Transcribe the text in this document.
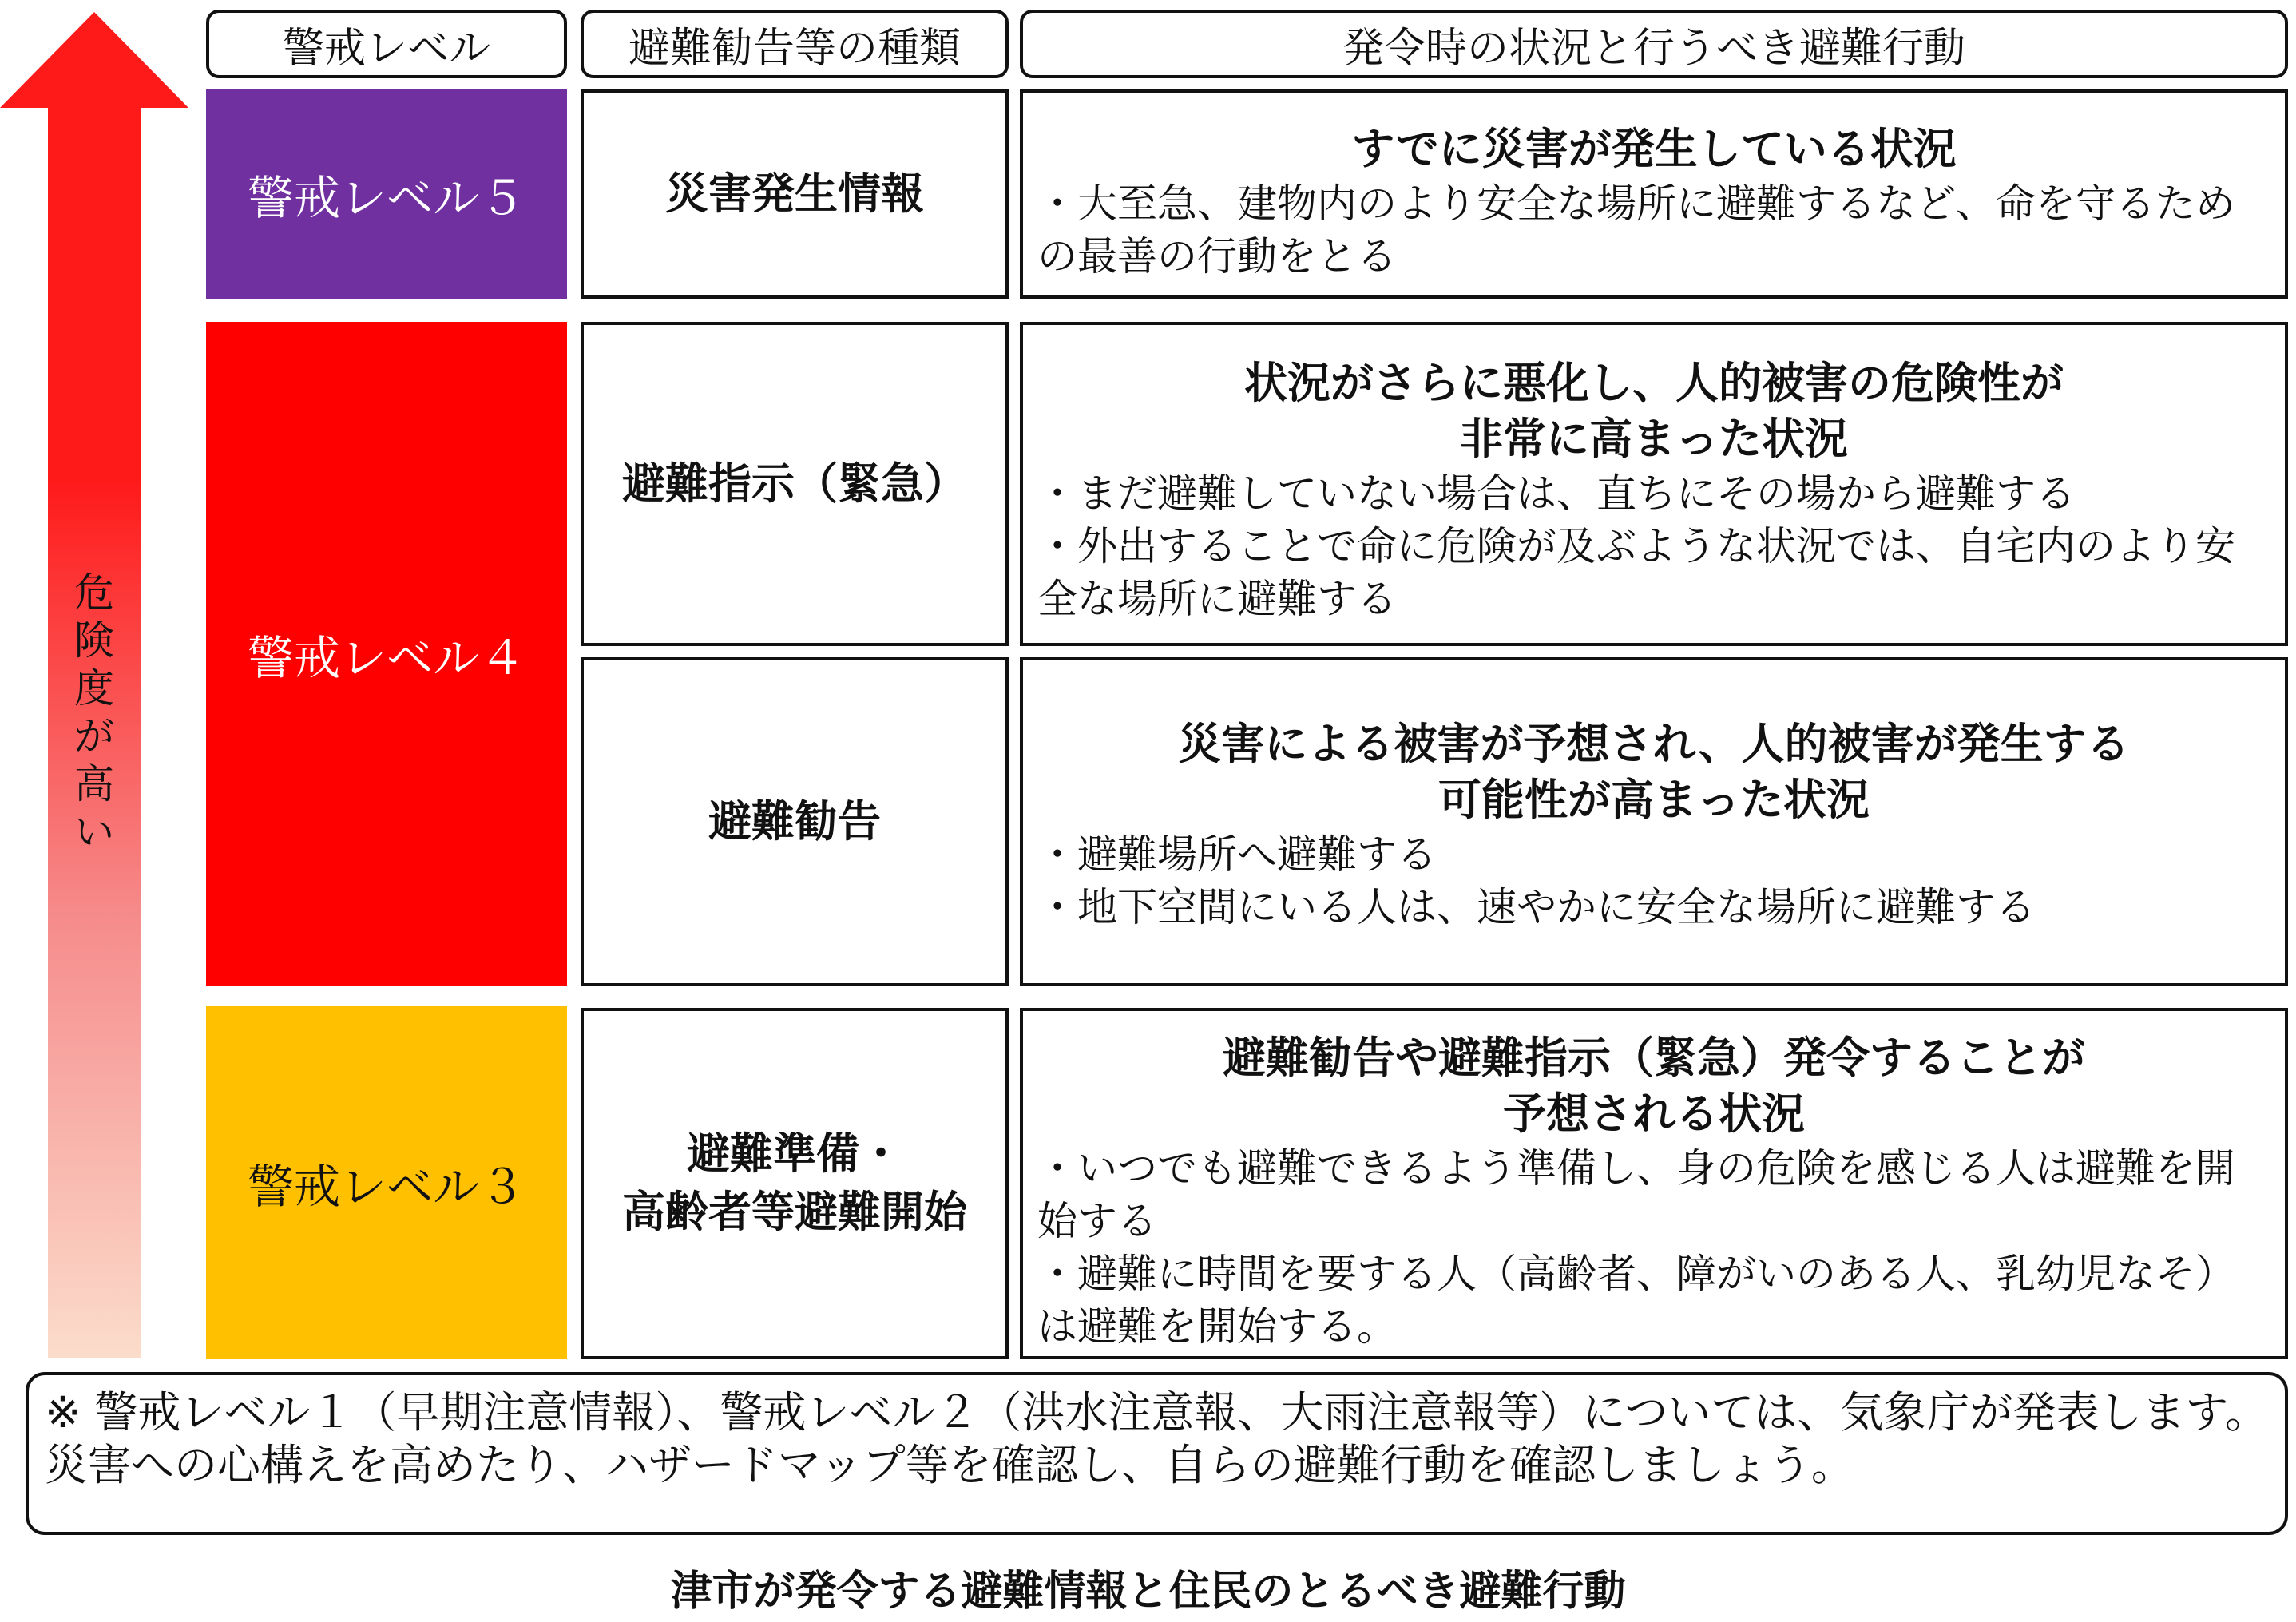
危
険
度
が
高
い
警戒レベル	避難勧告等の種類	発令時の状況と行うべき避難行動
警戒レベル５
警戒レベル４
警戒レベル３
災害発生情報
すでに災害が発生している状況
・大至急、建物内のより安全な場所に避難するなど、命を守るための最善の行動をとる
避難指示（緊急）
状況がさらに悪化し、人的被害の危険性が
非常に高まった状況
・まだ避難していない場合は、直ちにその場から避難する
・外出することで命に危険が及ぶような状況では、自宅内のより安全な場所に避難する
避難勧告
災害による被害が予想され、人的被害が発生する
可能性が高まった状況
・避難場所へ避難する
・地下空間にいる人は、速やかに安全な場所に避難する
避難準備・
高齢者等避難開始
避難勧告や避難指示（緊急）発令することが
予想される状況
・いつでも避難できるよう準備し、身の危険を感じる人は避難を開始する
・避難に時間を要する人（高齢者、障がいのある人、乳幼児なそ）は避難を開始する。
※ 警戒レベル１（早期注意情報）、警戒レベル２（洪水注意報、大雨注意報等）については、気象庁が発表します。災害への心構えを高めたり、ハザードマップ等を確認し、自らの避難行動を確認しましょう。
津市が発令する避難情報と住民のとるべき避難行動
